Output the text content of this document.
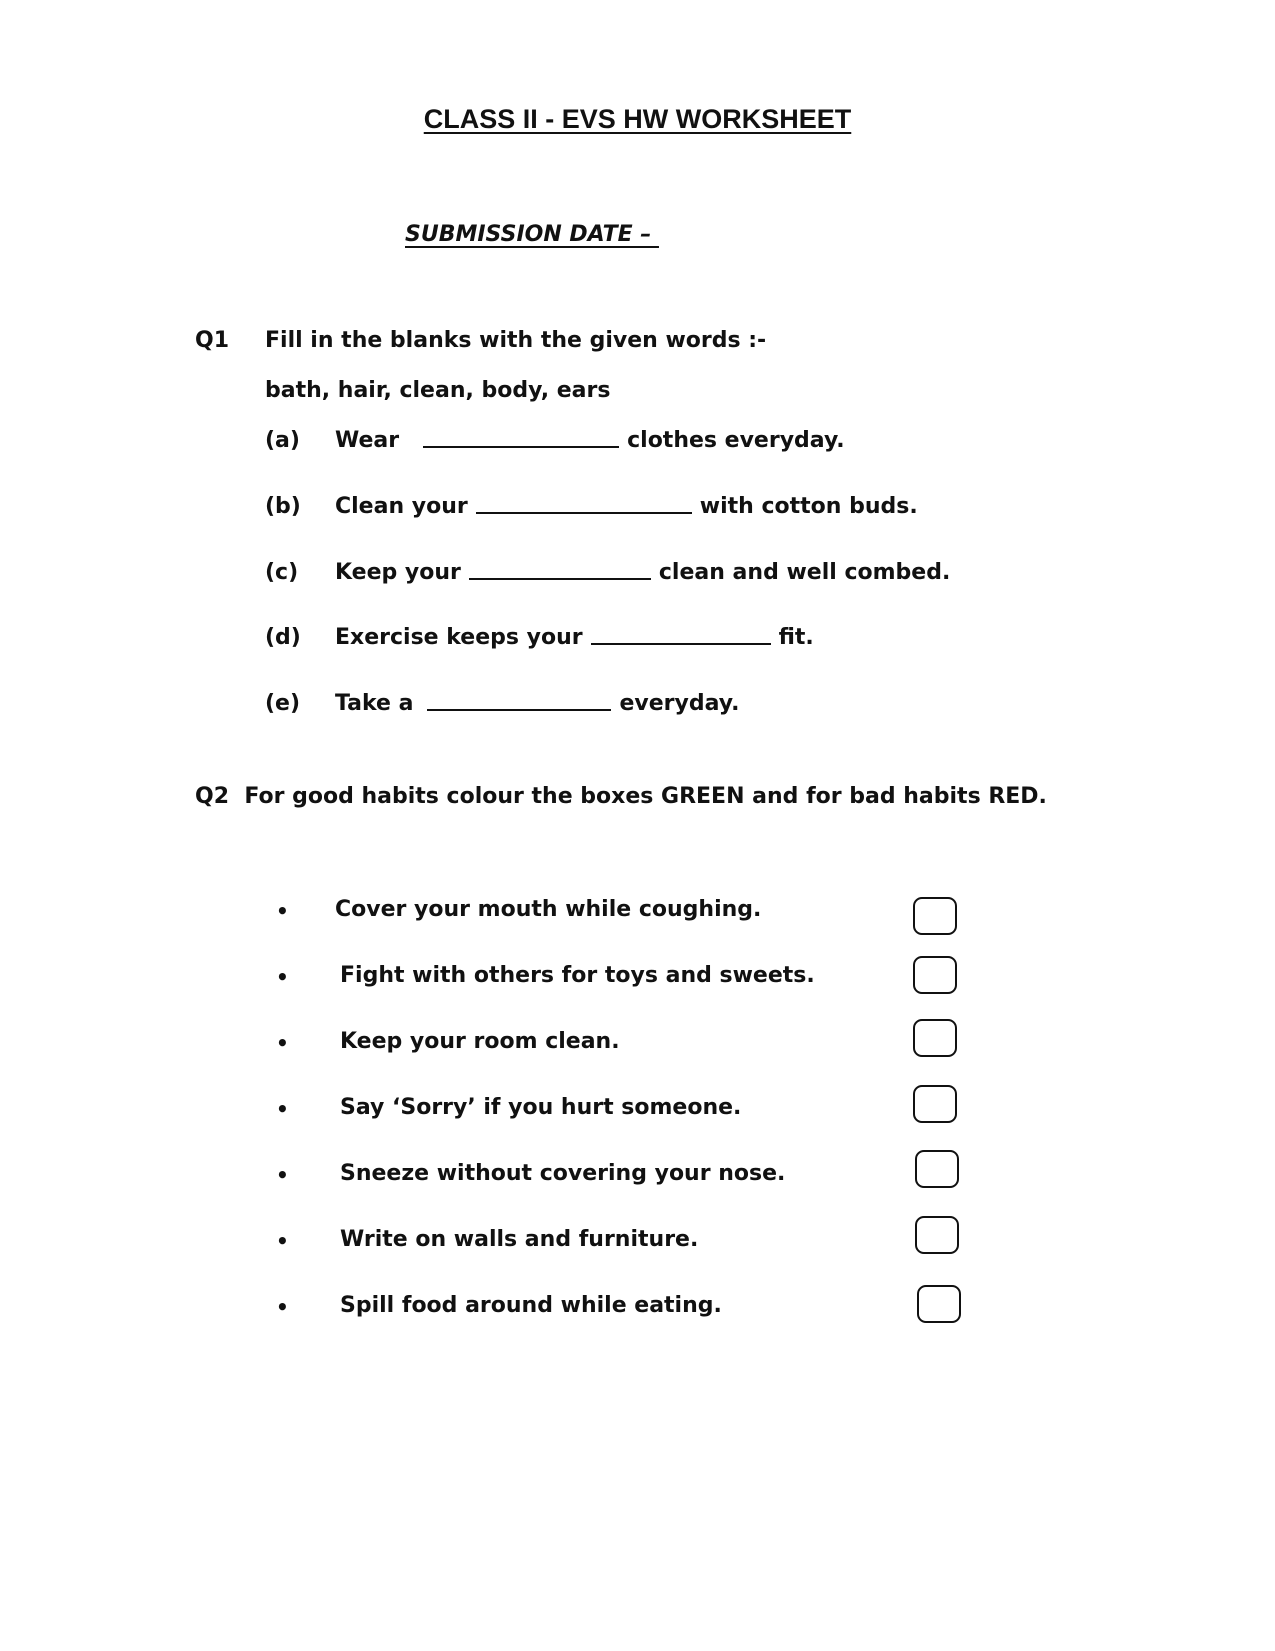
CLASS II - EVS HW WORKSHEET
SUBMISSION DATE –
Q1 Fill in the blanks with the given words :-
bath, hair, clean, body, ears
(a) Wear	clothes everyday.
(b) Clean your	with cotton buds.
(c) Keep your	clean and well combed.
(d) Exercise keeps your	fit.
(e) Take a	everyday.
Q2 For good habits colour the boxes GREEN and for bad habits RED.
• Cover your mouth while coughing.
• Fight with others for toys and sweets.
• Keep your room clean.
• Say ‘Sorry’ if you hurt someone.
• Sneeze without covering your nose.
• Write on walls and furniture.
• Spill food around while eating.
